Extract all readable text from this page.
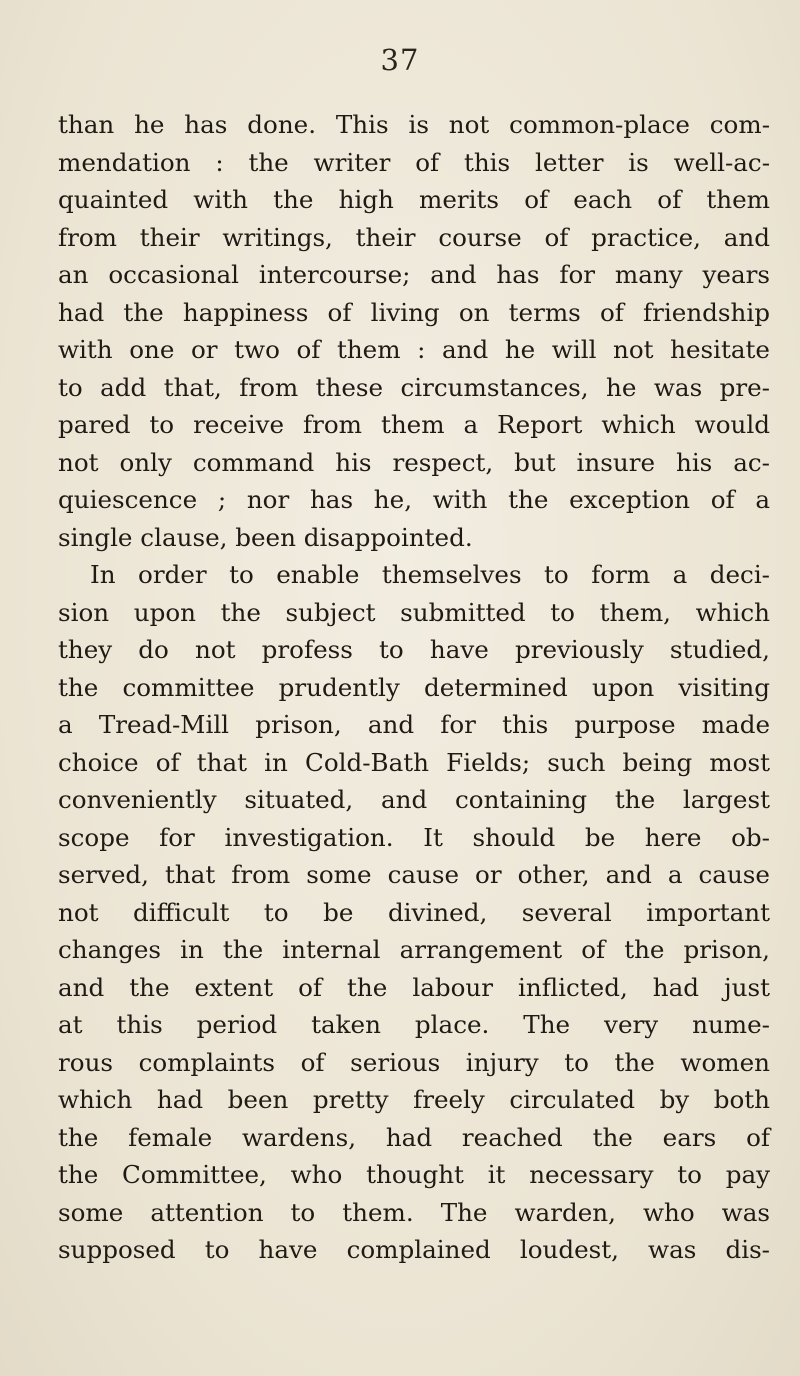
37
than he has done. This is not common-place com-
mendation : the writer of this letter is well-ac-
quainted with the high merits of each of them
from their writings, their course of practice, and
an occasional intercourse; and has for many years
had the happiness of living on terms of friendship
with one or two of them : and he will not hesitate
to add that, from these circumstances, he was pre-
pared to receive from them a Report which would
not only command his respect, but insure his ac-
quiescence ; nor has he, with the exception of a
single clause, been disappointed.
In order to enable themselves to form a deci-
sion upon the subject submitted to them, which
they do not profess to have previously studied,
the committee prudently determined upon visiting
a Tread-Mill prison, and for this purpose made
choice of that in Cold-Bath Fields; such being most
conveniently situated, and containing the largest
scope for investigation. It should be here ob-
served, that from some cause or other, and a cause
not difficult to be divined, several important
changes in the internal arrangement of the prison,
and the extent of the labour inflicted, had just
at this period taken place. The very nume-
rous complaints of serious injury to the women
which had been pretty freely circulated by both
the female wardens, had reached the ears of
the Committee, who thought it necessary to pay
some attention to them. The warden, who was
supposed to have complained loudest, was dis-
